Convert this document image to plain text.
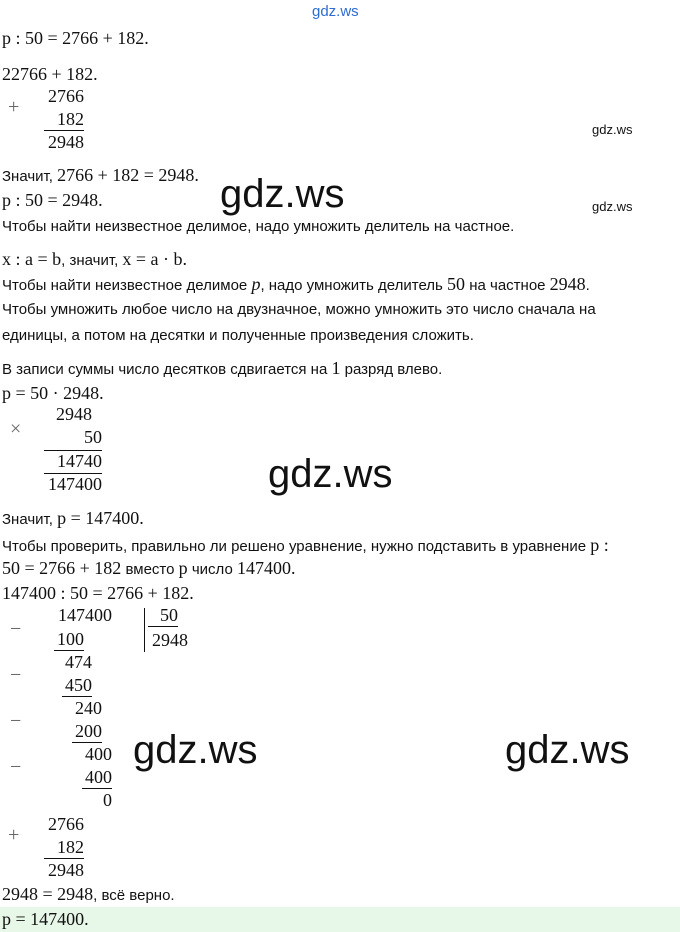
gdz.ws
p : 50 = 2766 + 182.
22766 + 182.
+	2766
182
2948
gdz.ws
Значит, 2766 + 182 = 2948. gdz.ws
p : 50 = 2948.	gdz.ws
Чтобы найти неизвестное делимое, надо умножить делитель на частное.
x : a = b, значит, x = a · b.
Чтобы найти неизвестное делимое p, надо умножить делитель 50 на частное 2948.
Чтобы умножить любое число на двузначное, можно умножить это число сначала на
единицы, а потом на десятки и полученные произведения сложить.
В записи суммы число десятков сдвигается на 1 разряд влево.
p = 50 · 2948.
×
2948
50
14740
147400	gdz.ws
Значит, p = 147400.
Чтобы проверить, правильно ли решено уравнение, нужно подставить в уравнение p :
50 = 2766 + 182 вместо p число 147400.
147400 : 50 = 2766 + 182.
−
147400	50
2948
100
474
− 450
240
−	200
400
−	400
0
gdz.ws	gdz.ws
+	2766
182
2948
2948 = 2948, всё верно.
p = 147400.
